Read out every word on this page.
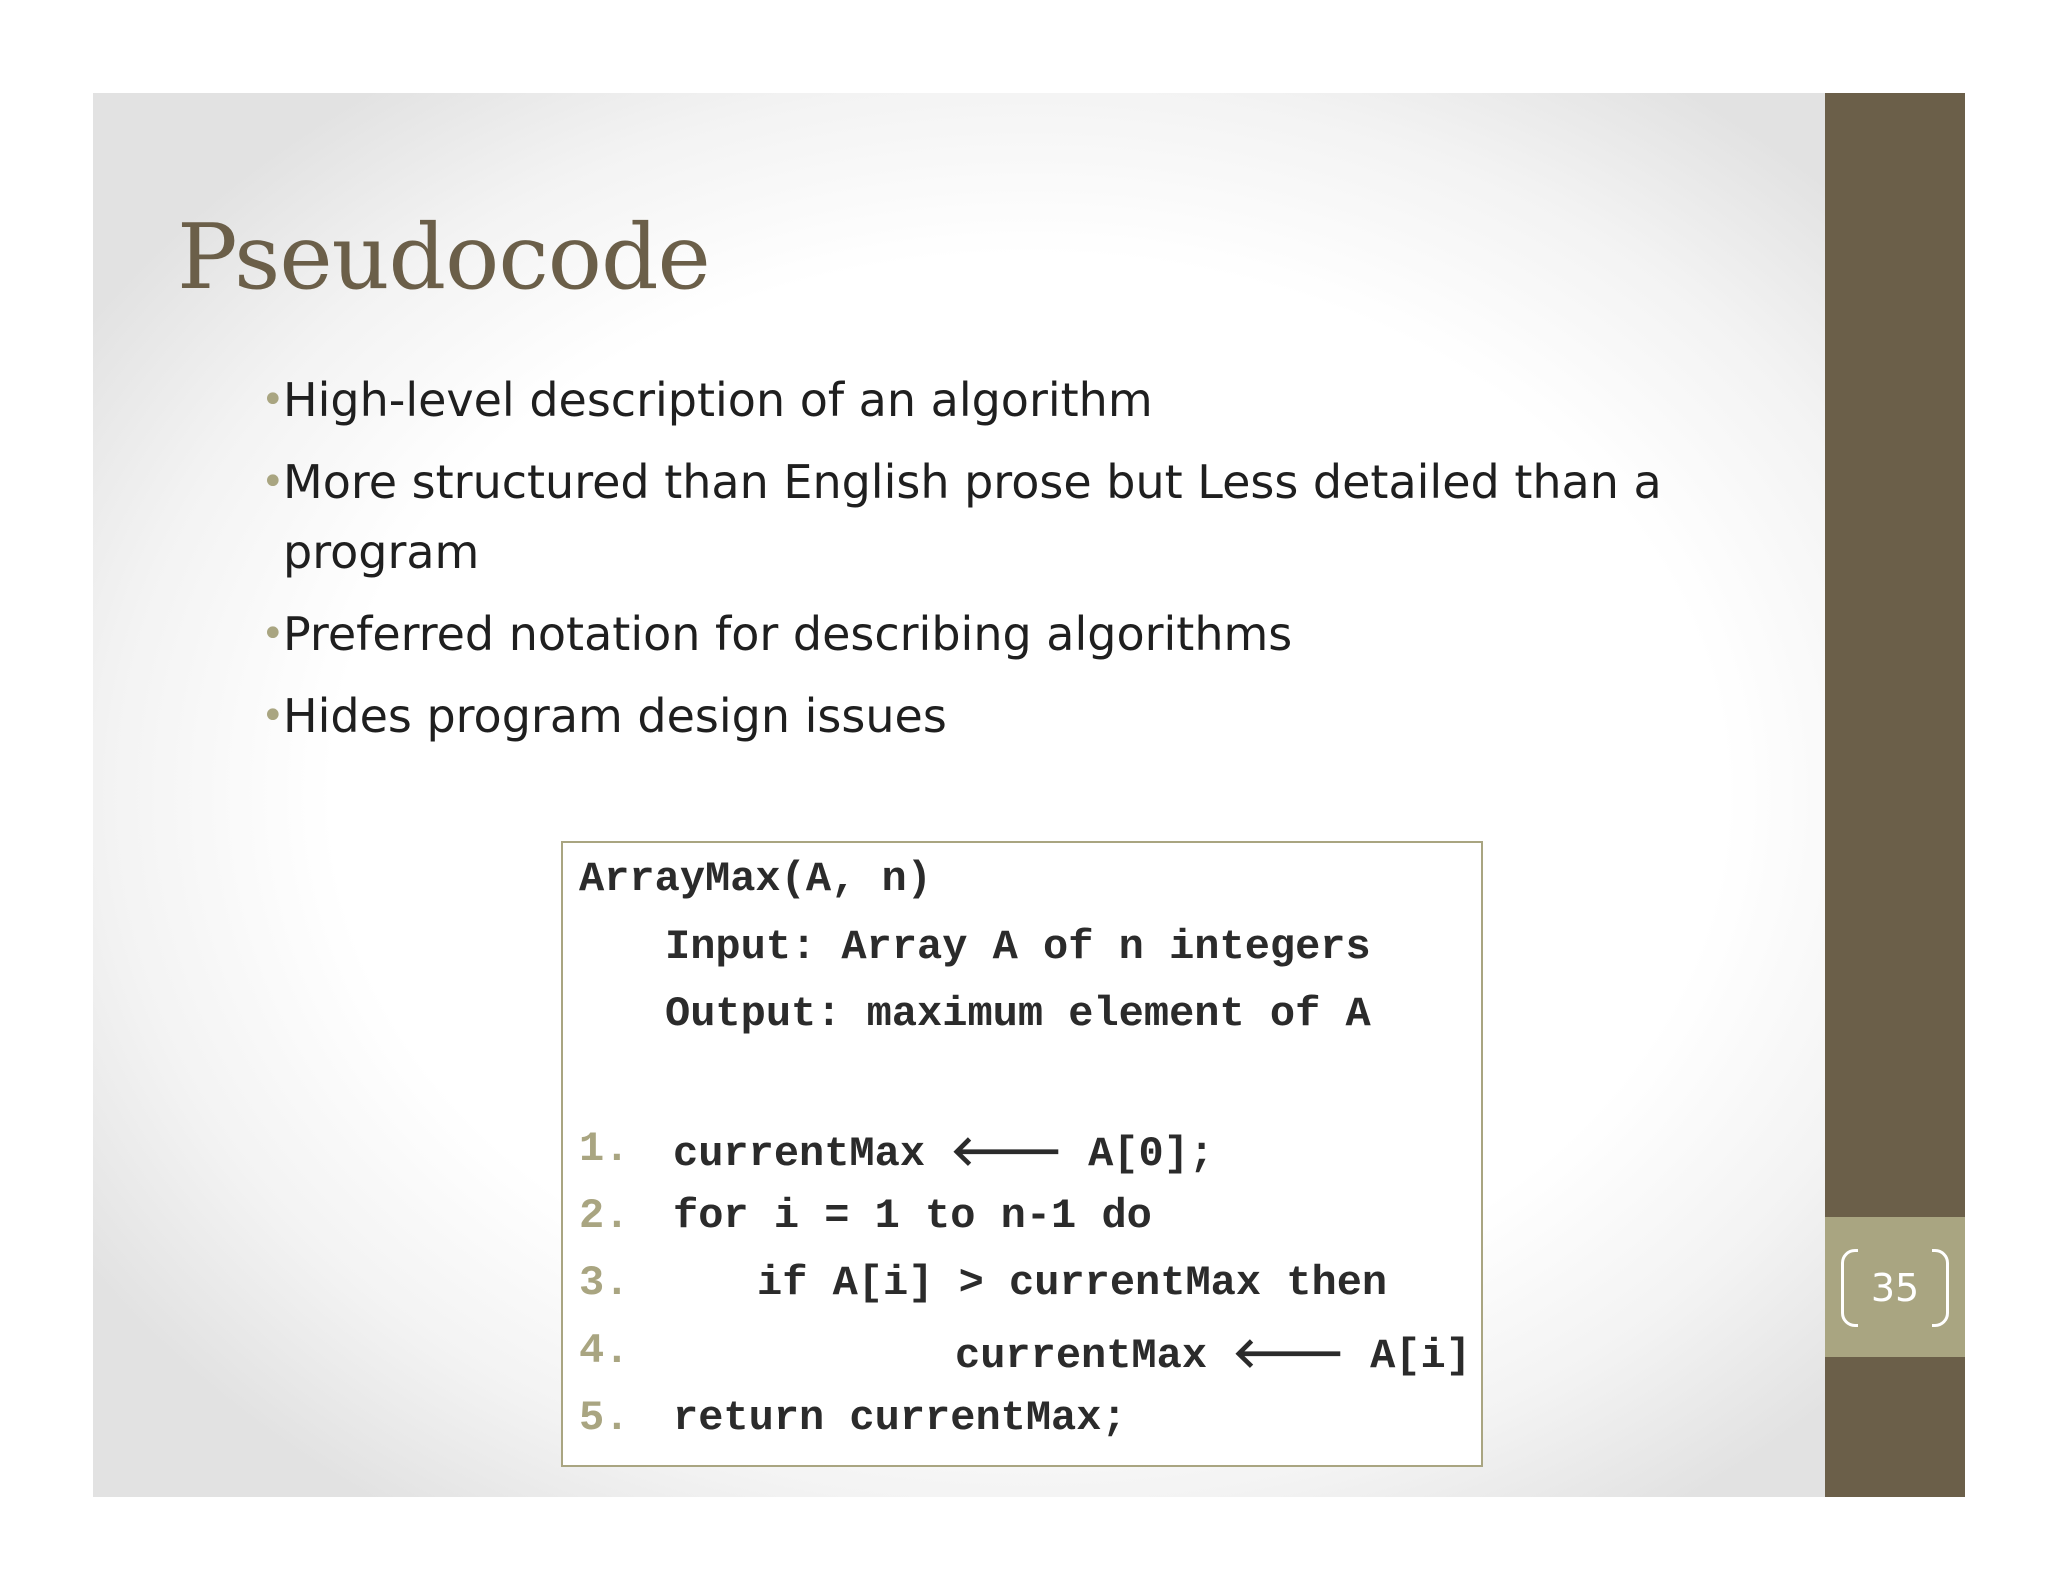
Pseudocode
•
High-level description of an algorithm
•
More structured than English prose but Less detailed than a program
•
Preferred notation for describing algorithms
•
Hides program design issues
ArrayMax(A, n)
Input: Array A of n integers
Output: maximum element of A
1. currentMax 🡐 A[0];
2. for i = 1 to n-1 do
3.	if A[i] > currentMax then
4.	currentMax 🡐 A[i]
5. return currentMax;
35
